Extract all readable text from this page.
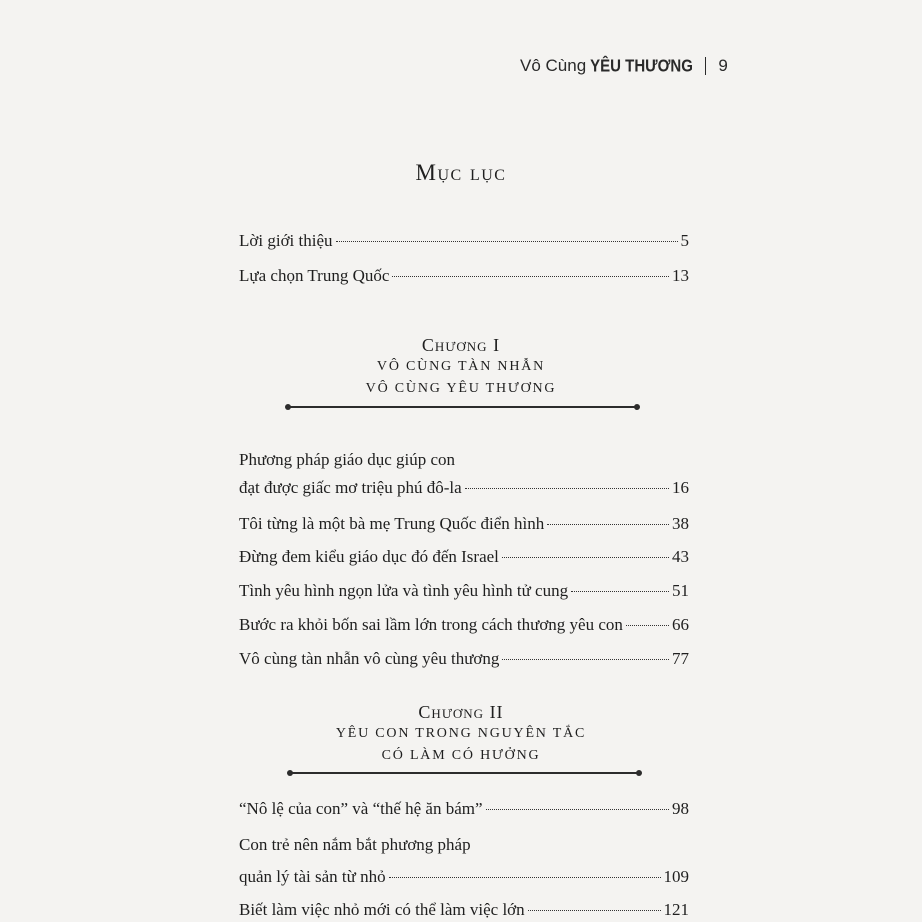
Vô Cùng YÊU THƯƠNG 9
Mục lục
Lời giới thiệu	5
Lựa chọn Trung Quốc	13
Chương I
VÔ CÙNG TÀN NHẪN
VÔ CÙNG YÊU THƯƠNG
Phương pháp giáo dục giúp con
đạt được giấc mơ triệu phú đô-la	16
Tôi từng là một bà mẹ Trung Quốc điển hình	38
Đừng đem kiểu giáo dục đó đến Israel	43
Tình yêu hình ngọn lửa và tình yêu hình tử cung	51
Bước ra khỏi bốn sai lầm lớn trong cách thương yêu con	66
Vô cùng tàn nhẫn vô cùng yêu thương	77
Chương II
YÊU CON TRONG NGUYÊN TẮC
CÓ LÀM CÓ HƯỞNG
“Nô lệ của con” và “thế hệ ăn bám”	98
Con trẻ nên nắm bắt phương pháp
quản lý tài sản từ nhỏ	109
Biết làm việc nhỏ mới có thể làm việc lớn	121
